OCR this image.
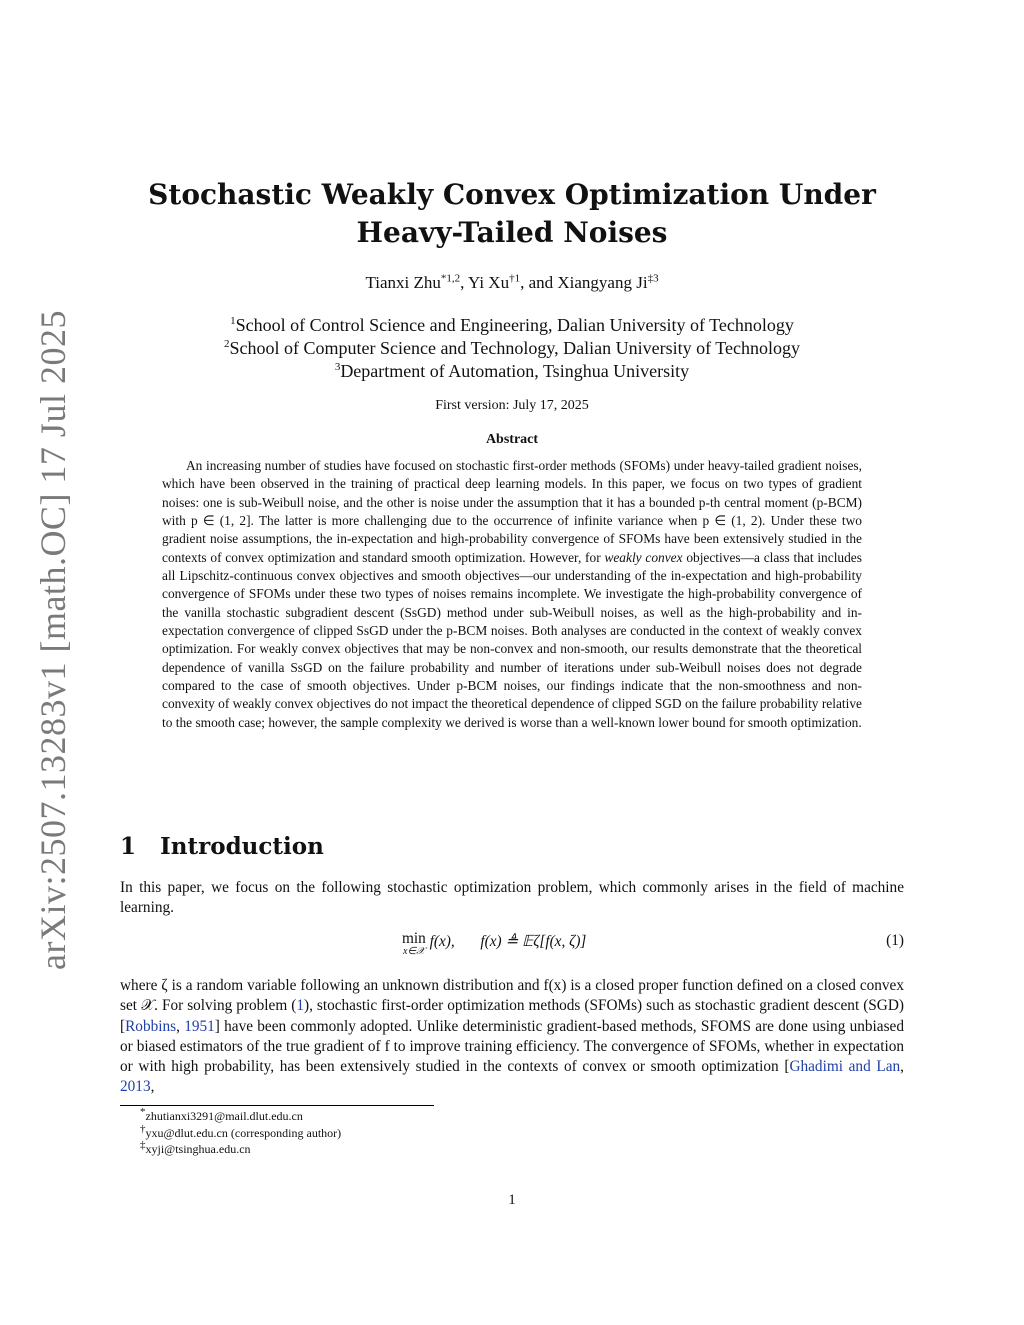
arXiv:2507.13283v1 [math.OC] 17 Jul 2025
Stochastic Weakly Convex Optimization Under
Heavy-Tailed Noises
Tianxi Zhu$^{*1,2}$, Yi Xu$^{\dagger 1}$, and Xiangyang Ji$^{\ddagger 3}$
$^1$School of Control Science and Engineering, Dalian University of Technology
$^2$School of Computer Science and Technology, Dalian University of Technology
$^3$Department of Automation, Tsinghua University
First version: July 17, 2025
Abstract
An increasing number of studies have focused on stochastic first-order methods (SFOMs) under heavy-tailed gradient noises, which have been observed in the training of practical deep learning models. In this paper, we focus on two types of gradient noises: one is sub-Weibull noise, and the other is noise under the assumption that it has a bounded p-th central moment (p-BCM) with p ∈ (1, 2]. The latter is more challenging due to the occurrence of infinite variance when p ∈ (1, 2). Under these two gradient noise assumptions, the in-expectation and high-probability convergence of SFOMs have been extensively studied in the contexts of convex optimization and standard smooth optimization. However, for weakly convex objectives—a class that includes all Lipschitz-continuous convex objectives and smooth objectives—our understanding of the in-expectation and high-probability convergence of SFOMs under these two types of noises remains incomplete. We investigate the high-probability convergence of the vanilla stochastic subgradient descent (SsGD) method under sub-Weibull noises, as well as the high-probability and in-expectation convergence of clipped SsGD under the p-BCM noises. Both analyses are conducted in the context of weakly convex optimization. For weakly convex objectives that may be non-convex and non-smooth, our results demonstrate that the theoretical dependence of vanilla SsGD on the failure probability and number of iterations under sub-Weibull noises does not degrade compared to the case of smooth objectives. Under p-BCM noises, our findings indicate that the non-smoothness and non-convexity of weakly convex objectives do not impact the theoretical dependence of clipped SGD on the failure probability relative to the smooth case; however, the sample complexity we derived is worse than a well-known lower bound for smooth optimization.
1 Introduction
In this paper, we focus on the following stochastic optimization problem, which commonly arises in the field of machine learning.
min
x∈𝒳
f(x), f(x) ≜ 𝔼ζ[f(x, ζ)]	(1)
where ζ is a random variable following an unknown distribution and f(x) is a closed proper function defined on a closed convex set 𝒳. For solving problem (1), stochastic first-order optimization methods (SFOMs) such as stochastic gradient descent (SGD) [Robbins, 1951] have been commonly adopted. Unlike deterministic gradient-based methods, SFOMS are done using unbiased or biased estimators of the true gradient of f to improve training efficiency. The convergence of SFOMs, whether in expectation or with high probability, has been extensively studied in the contexts of convex or smooth optimization [Ghadimi and Lan, 2013,
*zhutianxi3291@mail.dlut.edu.cn
†yxu@dlut.edu.cn (corresponding author)
‡xyji@tsinghua.edu.cn
1
